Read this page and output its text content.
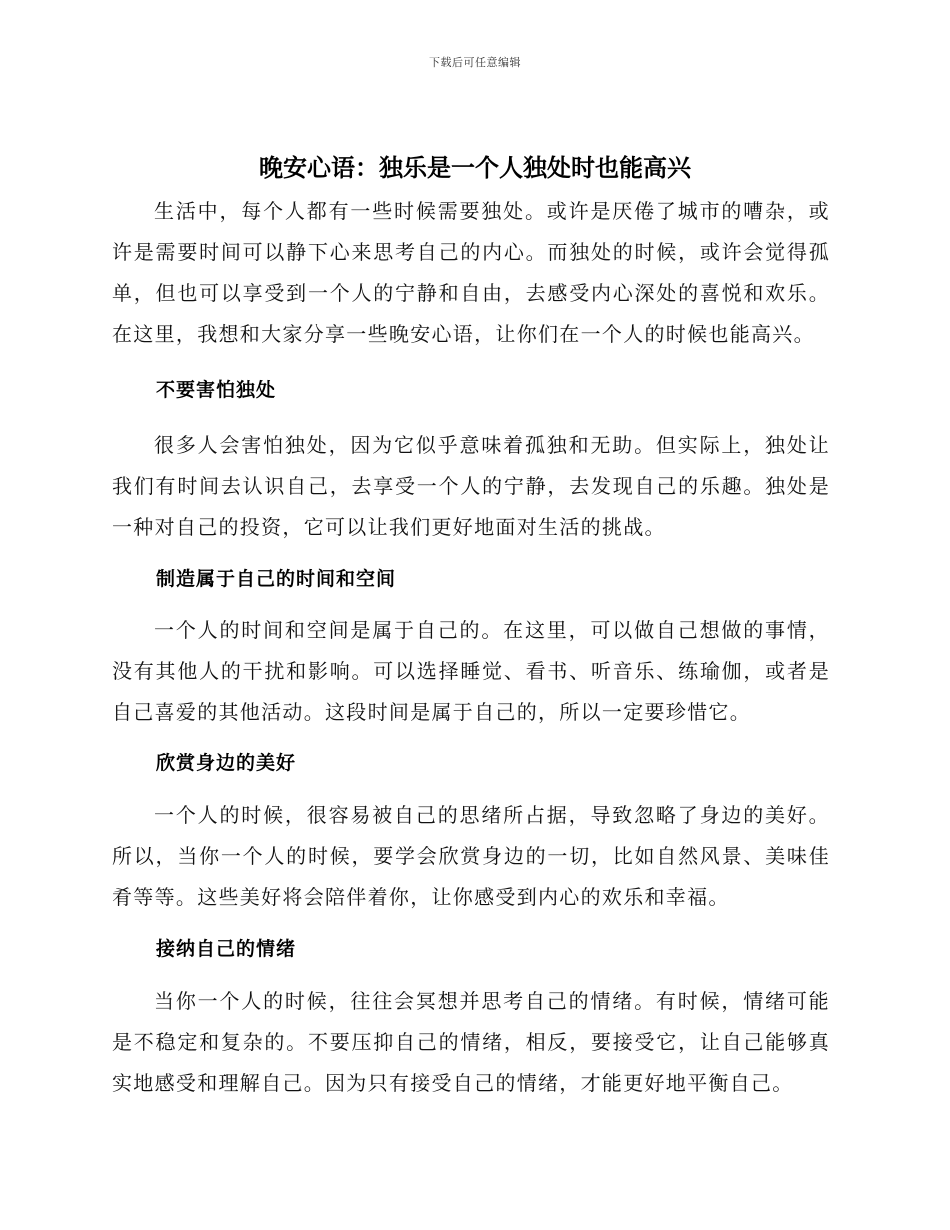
下载后可任意编辑
晚安心语：独乐是一个人独处时也能高兴

生活中，每个人都有一些时候需要独处。或许是厌倦了城市的嘈杂，或许是需要时间可以静下心来思考自己的内心。而独处的时候，或许会觉得孤单，但也可以享受到一个人的宁静和自由，去感受内心深处的喜悦和欢乐。在这里，我想和大家分享一些晚安心语，让你们在一个人的时候也能高兴。

不要害怕独处

很多人会害怕独处，因为它似乎意味着孤独和无助。但实际上，独处让我们有时间去认识自己，去享受一个人的宁静，去发现自己的乐趣。独处是一种对自己的投资，它可以让我们更好地面对生活的挑战。

制造属于自己的时间和空间

一个人的时间和空间是属于自己的。在这里，可以做自己想做的事情，没有其他人的干扰和影响。可以选择睡觉、看书、听音乐、练瑜伽，或者是自己喜爱的其他活动。这段时间是属于自己的，所以一定要珍惜它。

欣赏身边的美好

一个人的时候，很容易被自己的思绪所占据，导致忽略了身边的美好。所以，当你一个人的时候，要学会欣赏身边的一切，比如自然风景、美味佳肴等等。这些美好将会陪伴着你，让你感受到内心的欢乐和幸福。

接纳自己的情绪

当你一个人的时候，往往会冥想并思考自己的情绪。有时候，情绪可能是不稳定和复杂的。不要压抑自己的情绪，相反，要接受它，让自己能够真实地感受和理解自己。因为只有接受自己的情绪，才能更好地平衡自己。
